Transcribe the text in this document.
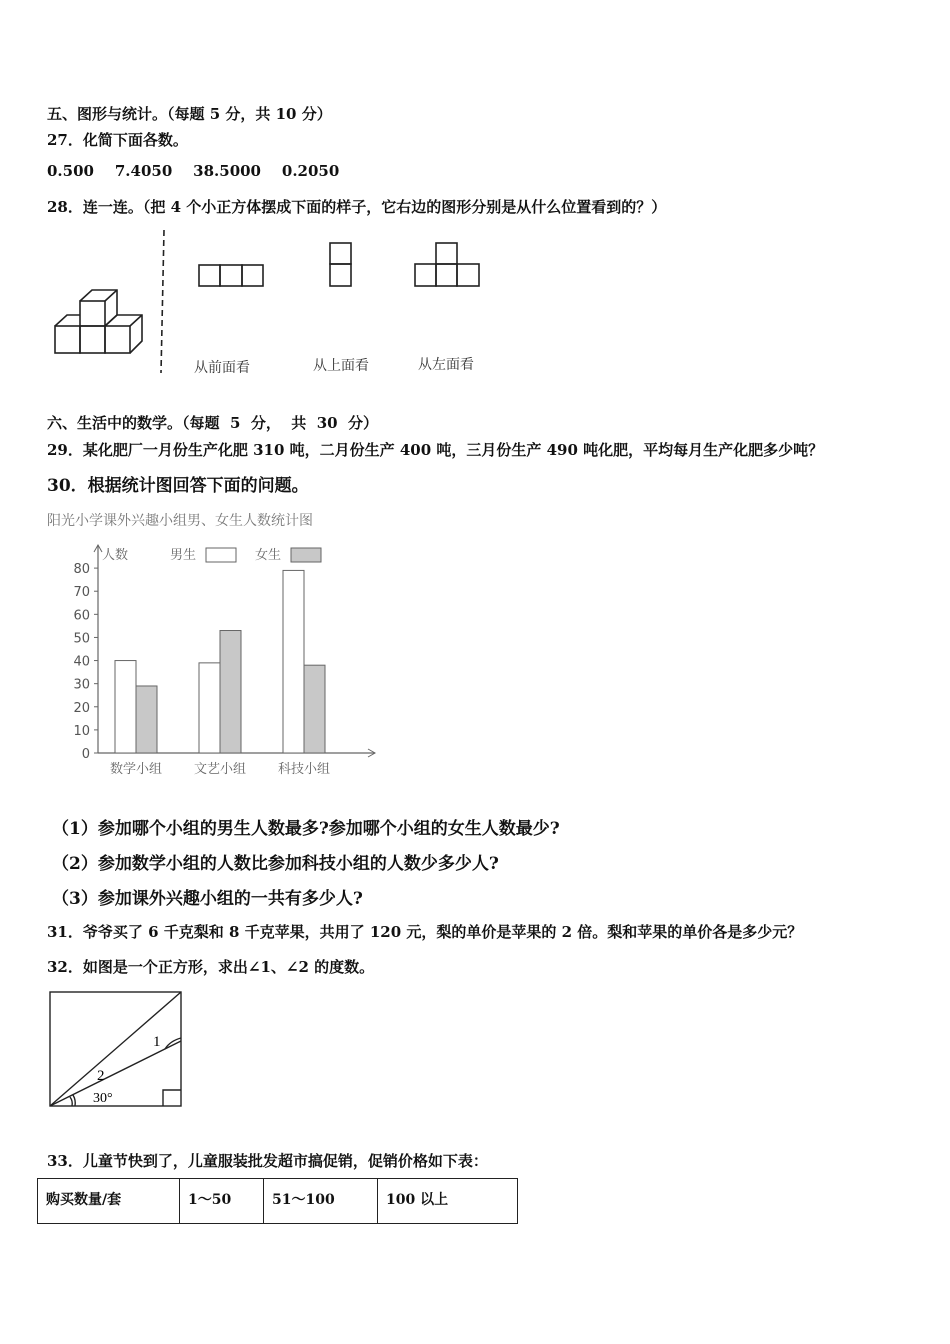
五、图形与统计。（每题 5 分，共 10 分）
27．化简下面各数。
0.500    7.4050    38.5000    0.2050
28．连一连。（把 4 个小正方体摆成下面的样子，它右边的图形分别是从什么位置看到的？）
从前面看	从上面看	从左面看
六、生活中的数学。（每题  5  分，  共  30  分）
29．某化肥厂一月份生产化肥 310 吨，二月份生产 400 吨，三月份生产 490 吨化肥，平均每月生产化肥多少吨？
30．根据统计图回答下面的问题。
阳光小学课外兴趣小组男、女生人数统计图
0
10
20
30
40
50
60
70
80
人数	男生	女生
数学小组 文艺小组 科技小组
（1）参加哪个小组的男生人数最多?参加哪个小组的女生人数最少?
（2）参加数学小组的人数比参加科技小组的人数少多少人?
（3）参加课外兴趣小组的一共有多少人?
31．爷爷买了 6 千克梨和 8 千克苹果，共用了 120 元，梨的单价是苹果的 2 倍。梨和苹果的单价各是多少元？
32．如图是一个正方形，求出∠1、∠2 的度数。
1
2
30°
33．儿童节快到了，儿童服装批发超市搞促销，促销价格如下表：
购买数量/套	1～50	51～100	100 以上
